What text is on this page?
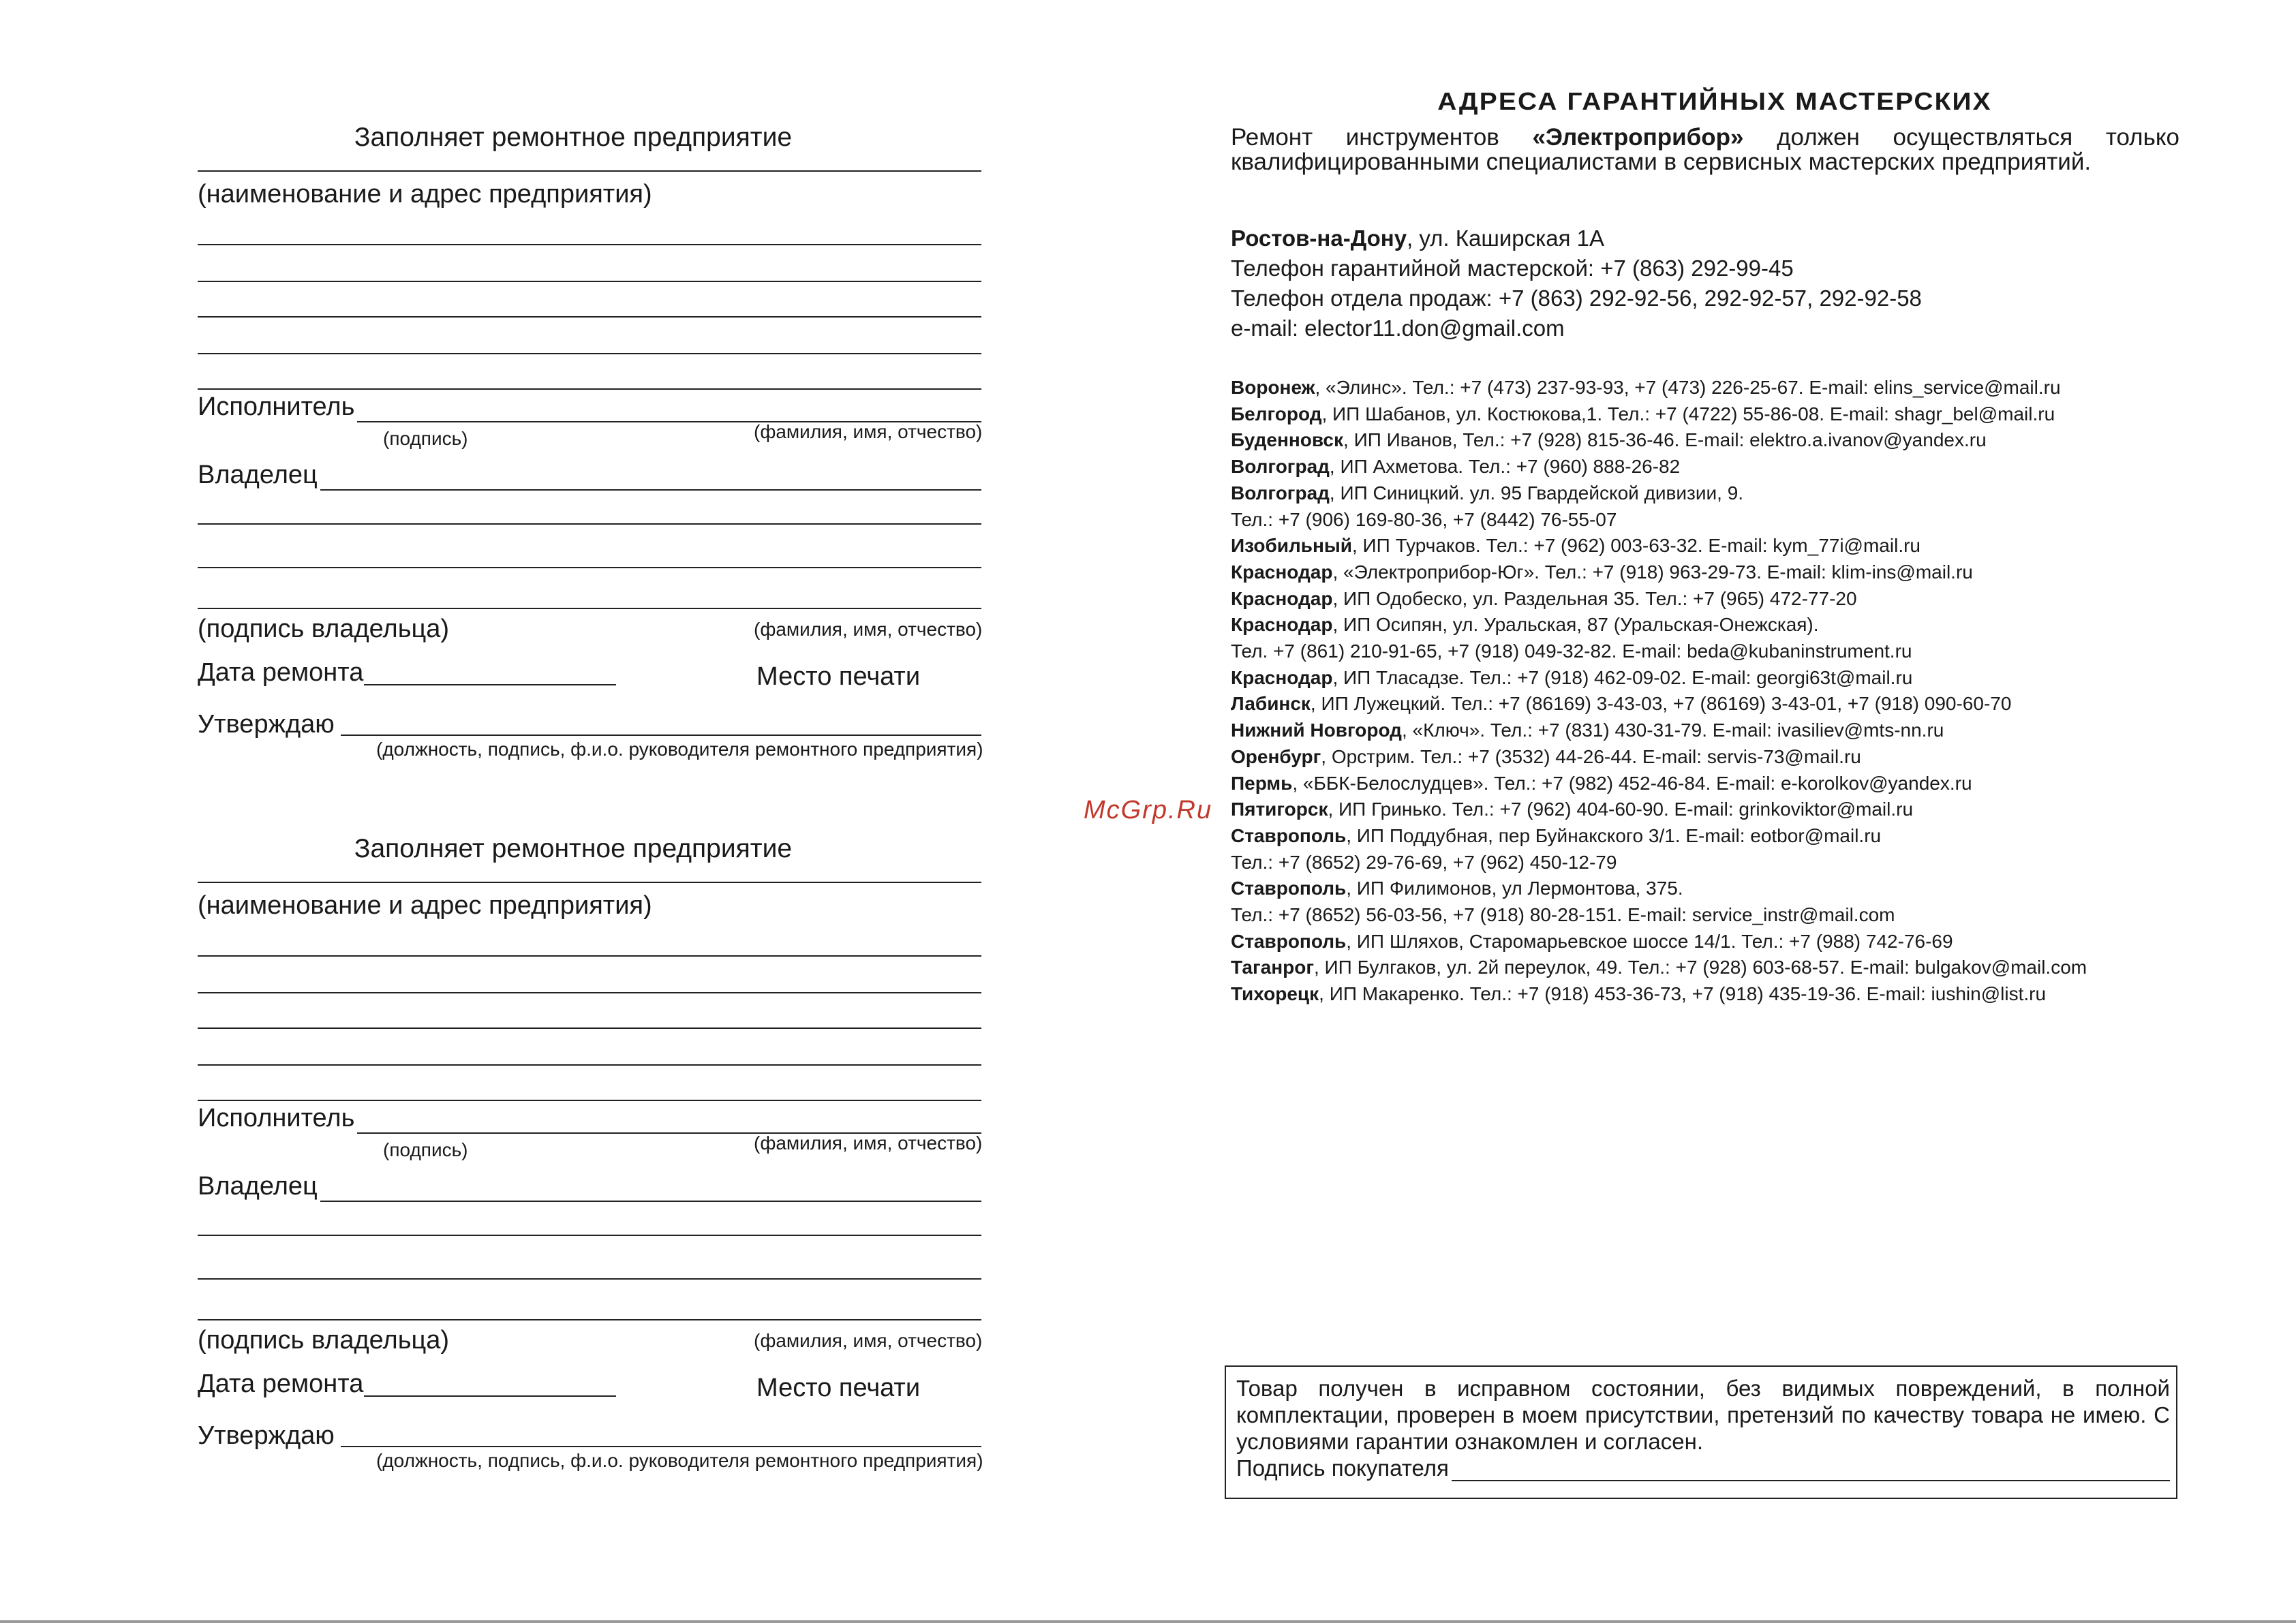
Заполняет ремонтное предприятие
(наименование и адрес предприятия)
Исполнитель
(подпись)	(фамилия, имя, отчество)
Владелец
(подпись владельца)	(фамилия, имя, отчество)
Дата ремонта	Место печати
Утверждаю
(должность, подпись, ф.и.о. руководителя ремонтного предприятия)
Заполняет ремонтное предприятие
(наименование и адрес предприятия)
Исполнитель
(подпись)	(фамилия, имя, отчество)
Владелец
(подпись владельца)	(фамилия, имя, отчество)
Дата ремонта	Место печати
Утверждаю
(должность, подпись, ф.и.о. руководителя ремонтного предприятия)
АДРЕСА ГАРАНТИЙНЫХ МАСТЕРСКИХ
Ремонт инструментов «Электроприбор» должен осуществляться только квалифицированными специалистами в сервисных мастерских предприятий.
Ростов-на-Дону, ул. Каширская 1А
Телефон гарантийной мастерской: +7 (863) 292-99-45
Телефон отдела продаж: +7 (863) 292-92-56, 292-92-57, 292-92-58
e-mail: elector11.don@gmail.com
Воронеж, «Элинс». Тел.: +7 (473) 237-93-93, +7 (473) 226-25-67. E-mail: elins_service@mail.ru
Белгород, ИП Шабанов, ул. Костюкова,1. Тел.: +7 (4722) 55-86-08. E-mail: shagr_bel@mail.ru
Буденновск, ИП Иванов, Тел.: +7 (928) 815-36-46. E-mail: elektro.a.ivanov@yandex.ru
Волгоград, ИП Ахметова. Тел.: +7 (960) 888-26-82
Волгоград, ИП Синицкий. ул. 95 Гвардейской дивизии, 9.
Тел.: +7 (906) 169-80-36, +7 (8442) 76-55-07
Изобильный, ИП Турчаков. Тел.: +7 (962) 003-63-32. E-mail: kym_77i@mail.ru
Краснодар, «Электроприбор-Юг». Тел.: +7 (918) 963-29-73. E-mail: klim-ins@mail.ru
Краснодар, ИП Одобеско, ул. Раздельная 35. Тел.: +7 (965) 472-77-20
Краснодар, ИП Осипян, ул. Уральская, 87 (Уральская-Онежская).
Тел. +7 (861) 210-91-65, +7 (918) 049-32-82. E-mail: beda@kubaninstrument.ru
Краснодар, ИП Тласадзе. Тел.: +7 (918) 462-09-02. E-mail: georgi63t@mail.ru
Лабинск, ИП Лужецкий. Тел.: +7 (86169) 3-43-03, +7 (86169) 3-43-01, +7 (918) 090-60-70
Нижний Новгород, «Ключ». Тел.: +7 (831) 430-31-79. E-mail: ivasiliev@mts-nn.ru
Оренбург, Орстрим. Тел.: +7 (3532) 44-26-44. E-mail: servis-73@mail.ru
Пермь, «ББК-Белослудцев». Тел.: +7 (982) 452-46-84. E-mail: e-korolkov@yandex.ru
Пятигорск, ИП Гринько. Тел.: +7 (962) 404-60-90. E-mail: grinkoviktor@mail.ru
Ставрополь, ИП Поддубная, пер Буйнакского 3/1. E-mail: eotbor@mail.ru
Тел.: +7 (8652) 29-76-69, +7 (962) 450-12-79
Ставрополь, ИП Филимонов, ул Лермонтова, 375.
Тел.: +7 (8652) 56-03-56, +7 (918) 80-28-151. E-mail: service_instr@mail.com
Ставрополь, ИП Шляхов, Старомарьевское шоссе 14/1. Тел.: +7 (988) 742-76-69
Таганрог, ИП Булгаков, ул. 2й переулок, 49. Тел.: +7 (928) 603-68-57. E-mail: bulgakov@mail.com
Тихорецк, ИП Макаренко. Тел.: +7 (918) 453-36-73, +7 (918) 435-19-36. E-mail: iushin@list.ru
McGrp.Ru
Товар получен в исправном состоянии, без видимых повреждений, в полной комплектации, проверен в моем присутствии, претензий по качеству товара не имею. С условиями гарантии ознакомлен и согласен.
Подпись покупателя
